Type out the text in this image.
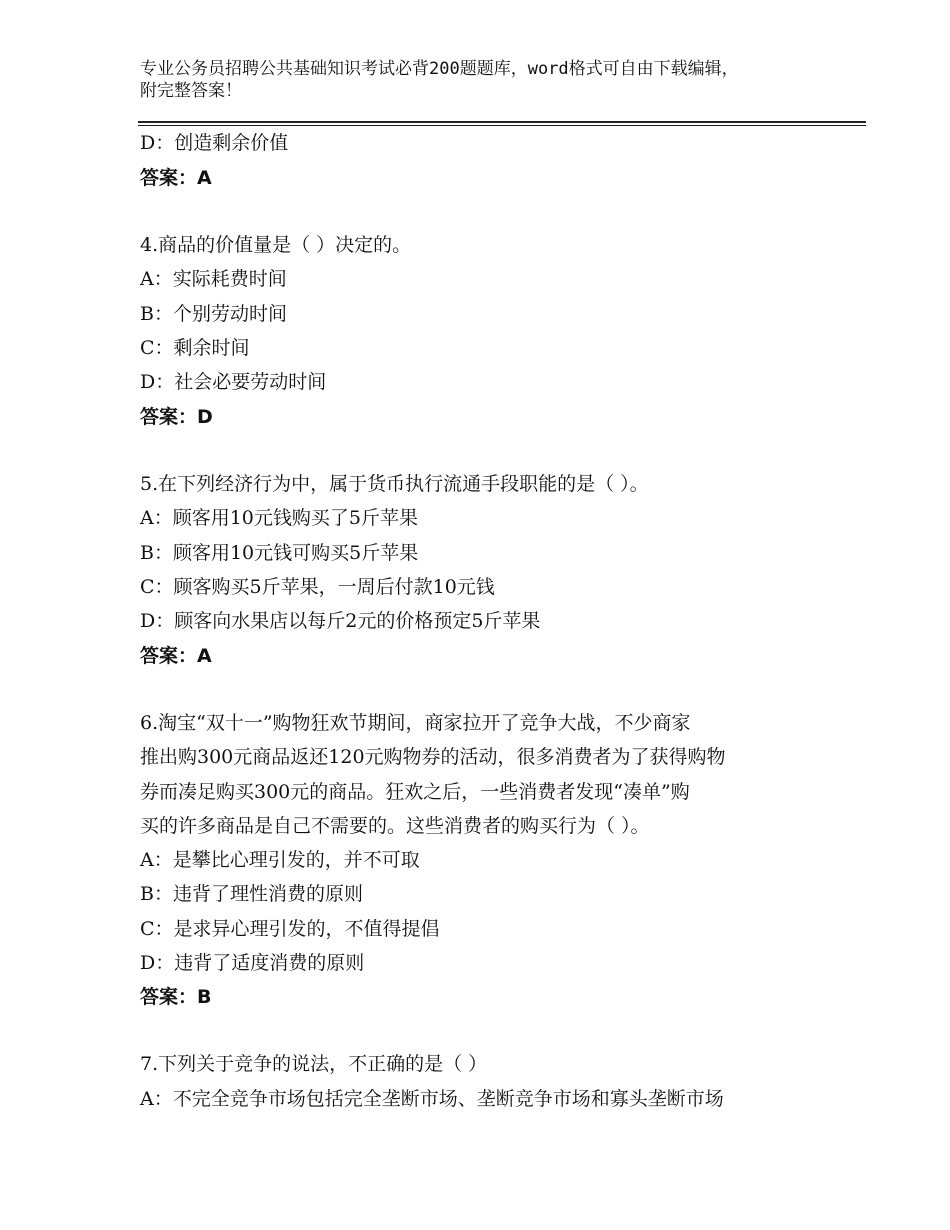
专业公务员招聘公共基础知识考试必背200题题库，word格式可自由下载编辑，
附完整答案！
D：创造剩余价值
答案：A
4.商品的价值量是（ ）决定的。
A：实际耗费时间
B：个别劳动时间
C：剩余时间
D：社会必要劳动时间
答案：D
5.在下列经济行为中，属于货币执行流通手段职能的是（ ）。
A：顾客用10元钱购买了5斤苹果
B：顾客用10元钱可购买5斤苹果
C：顾客购买5斤苹果，一周后付款10元钱
D：顾客向水果店以每斤2元的价格预定5斤苹果
答案：A
6.淘宝“双十一”购物狂欢节期间，商家拉开了竞争大战，不少商家
推出购300元商品返还120元购物券的活动，很多消费者为了获得购物
券而凑足购买300元的商品。狂欢之后，一些消费者发现“凑单”购
买的许多商品是自己不需要的。这些消费者的购买行为（ ）。
A：是攀比心理引发的，并不可取
B：违背了理性消费的原则
C：是求异心理引发的，不值得提倡
D：违背了适度消费的原则
答案：B
7.下列关于竞争的说法，不正确的是（ ）
A：不完全竞争市场包括完全垄断市场、垄断竞争市场和寡头垄断市场
